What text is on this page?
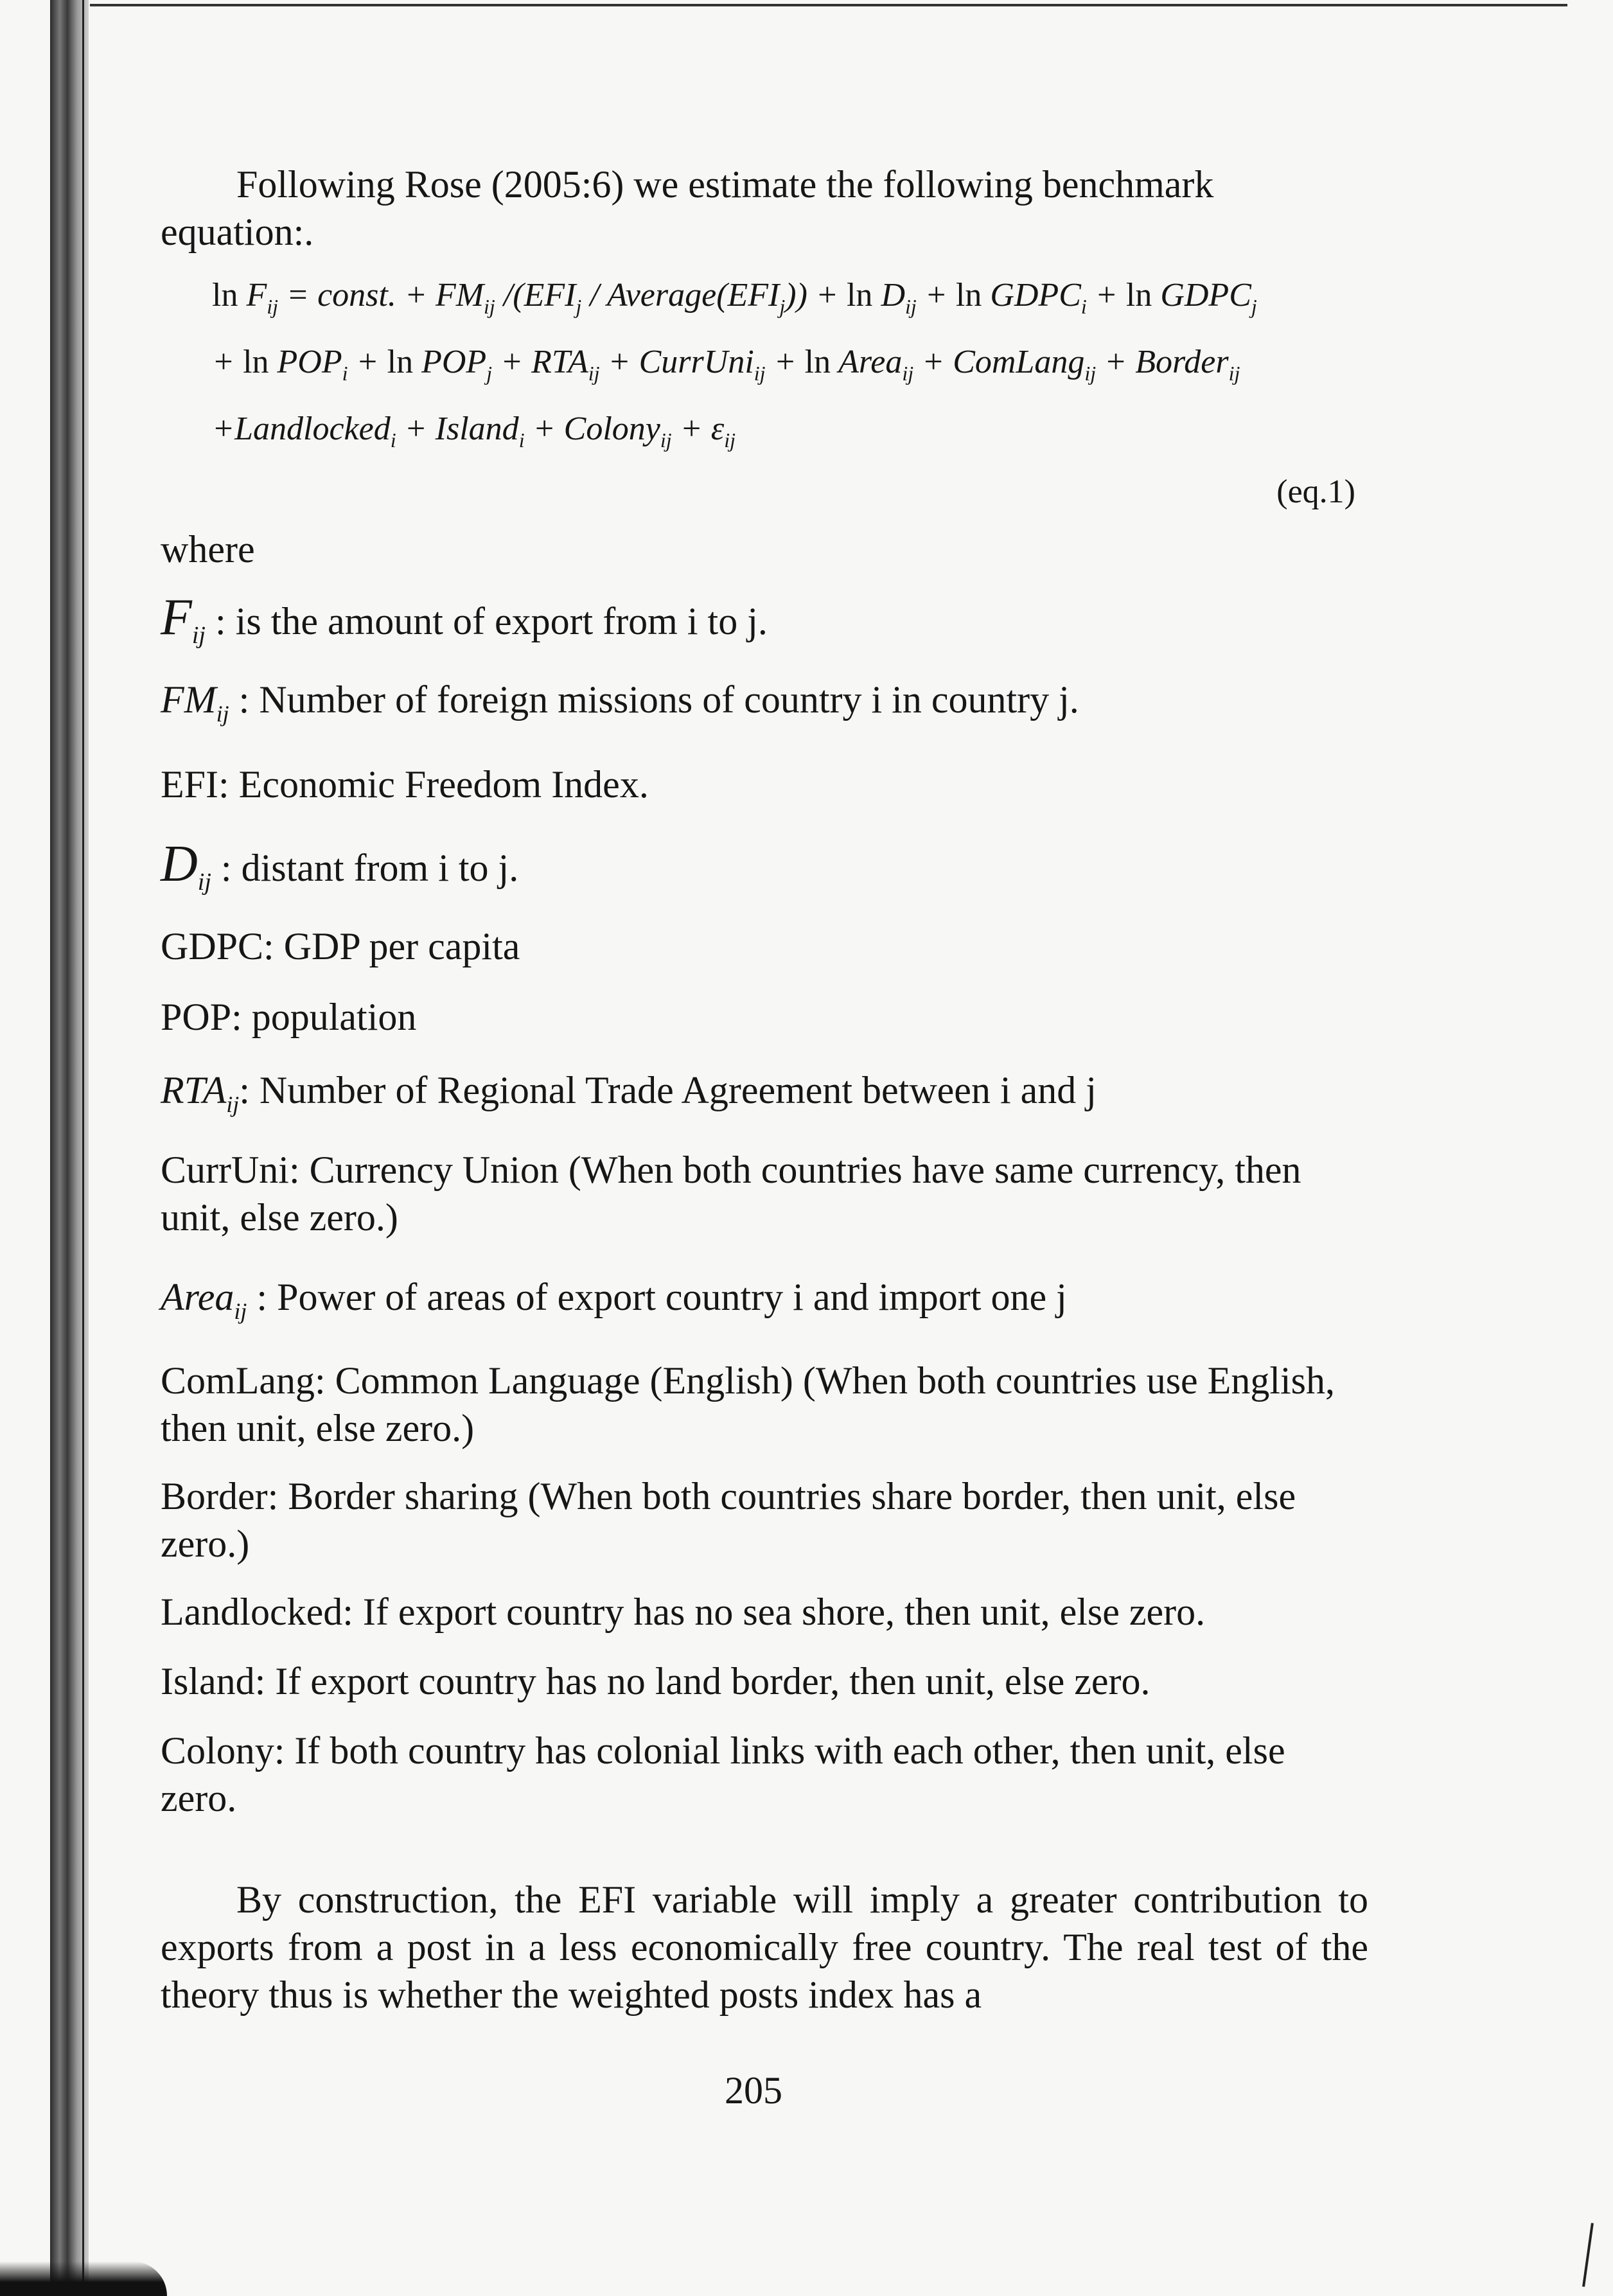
Following Rose (2005:6) we estimate the following benchmark equation:.

$\ln F_{ij}$ = const. + $FM_{ij}$ $/(EFI_j$ / $Average(EFI_j)) + \ln D_{ij} + \ln$ $GDPC_i + \ln$ $GDPC_j$
+ $\ln POP_i + \ln POP_j + RTA_{ij}$ + CurrUni$_{ij}$ + ln Area$_{ij}$ + ComLang$_{ij}$ + Border$_{ij}$
+Landlocked$_i$ + Island$_i$ + Colony$_{ij}$ + $\varepsilon_{ij}$
(eq.1)

where

$F_{ij}$ : is the amount of export from i to j.

$FM_{ij}$ : Number of foreign missions of country i in country j.

EFI: Economic Freedom Index.

$D_{ij}$ : distant from i to j.

GDPC: GDP per capita

POP: population

$RTA_{ij}$: Number of Regional Trade Agreement between i and j

CurrUni: Currency Union (When both countries have same currency, then unit, else zero.)

Area$_{ij}$ : Power of areas of export country i and import one j

ComLang: Common Language (English) (When both countries use English, then unit, else zero.)

Border: Border sharing (When both countries share border, then unit, else zero.)

Landlocked: If export country has no sea shore, then unit, else zero.

Island: If export country has no land border, then unit, else zero.

Colony: If both country has colonial links with each other, then unit, else zero.

By construction, the EFI variable will imply a greater contribution to exports from a post in a less economically free country. The real test of the theory thus is whether the weighted posts index has a

205
